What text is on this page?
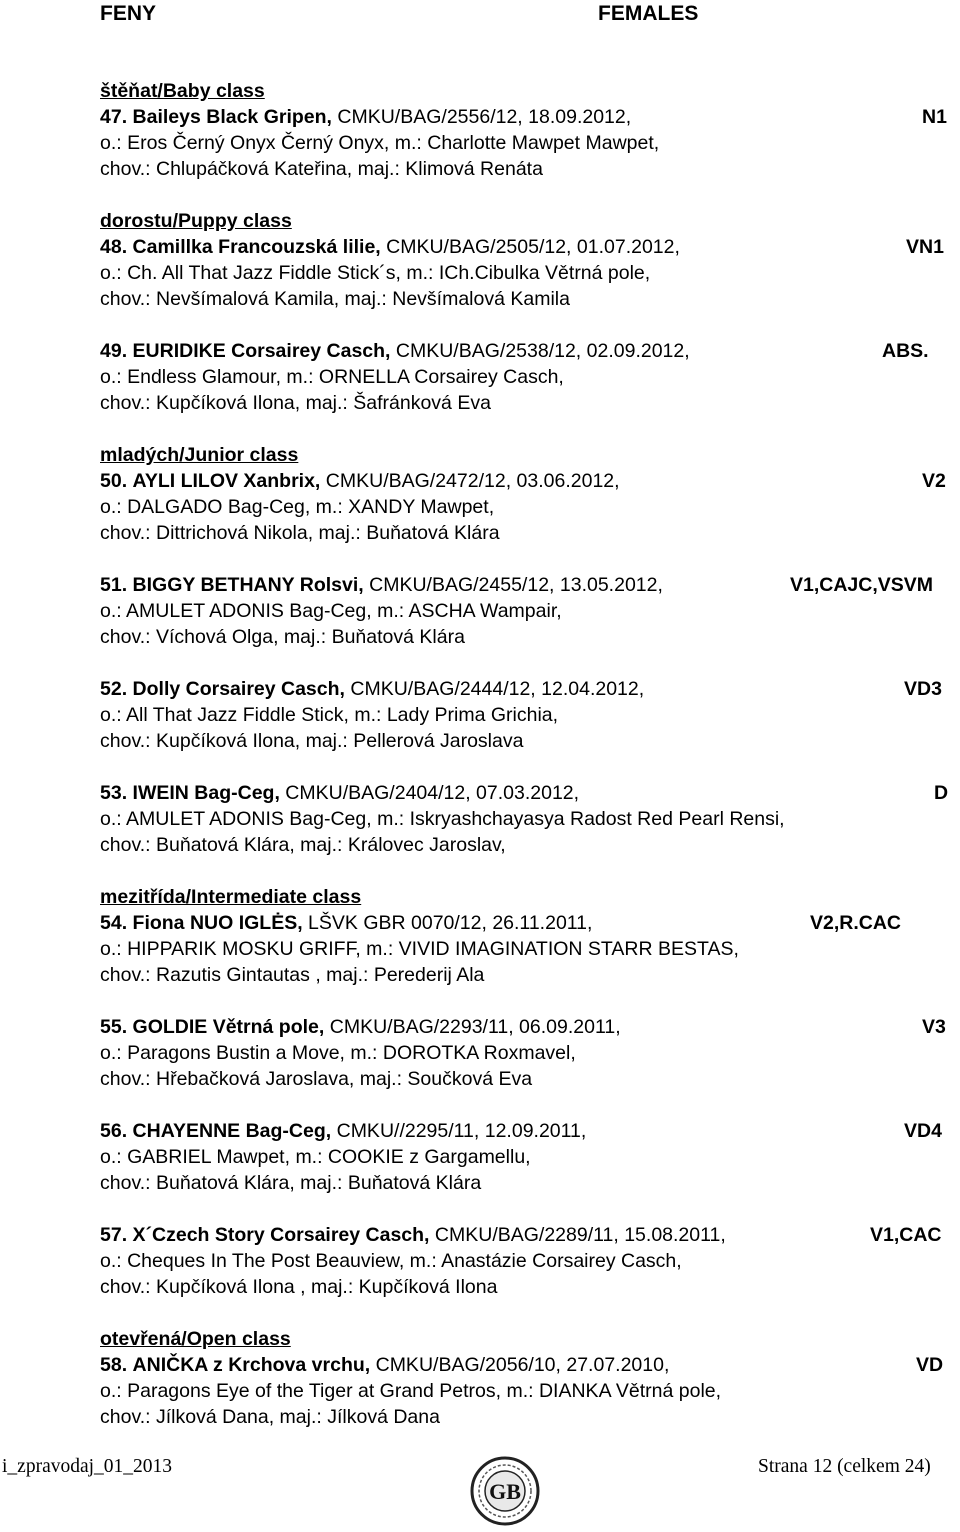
FENY	FEMALES
štěňat/Baby class
47. Baileys Black Gripen, CMKU/BAG/2556/12, 18.09.2012,	N1
o.: Eros Černý Onyx Černý Onyx, m.: Charlotte Mawpet Mawpet,
chov.: Chlupáčková Kateřina, maj.: Klimová Renáta
dorostu/Puppy class
48. Camillka Francouzská lilie, CMKU/BAG/2505/12, 01.07.2012,	VN1
o.: Ch. All That Jazz Fiddle Stick´s, m.: ICh.Cibulka Větrná pole,
chov.: Nevšímalová Kamila, maj.: Nevšímalová Kamila
49. EURIDIKE Corsairey Casch, CMKU/BAG/2538/12, 02.09.2012,	ABS.
o.: Endless Glamour, m.: ORNELLA Corsairey Casch,
chov.: Kupčíková Ilona, maj.: Šafránková Eva
mladých/Junior class
50. AYLI LILOV Xanbrix, CMKU/BAG/2472/12, 03.06.2012,	V2
o.: DALGADO Bag-Ceg, m.: XANDY Mawpet,
chov.: Dittrichová Nikola, maj.: Buňatová Klára
51. BIGGY BETHANY Rolsvi, CMKU/BAG/2455/12, 13.05.2012,	V1,CAJC,VSVM
o.: AMULET ADONIS Bag-Ceg, m.: ASCHA Wampair,
chov.: Víchová Olga, maj.: Buňatová Klára
52. Dolly Corsairey Casch, CMKU/BAG/2444/12, 12.04.2012,	VD3
o.: All That Jazz Fiddle Stick, m.: Lady Prima Grichia,
chov.: Kupčíková Ilona, maj.: Pellerová Jaroslava
53. IWEIN Bag-Ceg, CMKU/BAG/2404/12, 07.03.2012,	D
o.: AMULET ADONIS Bag-Ceg, m.: Iskryashchayasya Radost Red Pearl Rensi,
chov.: Buňatová Klára, maj.: Královec Jaroslav,
mezitřída/Intermediate class
54. Fiona NUO IGLĖS, LŠVK GBR 0070/12, 26.11.2011,	V2,R.CAC
o.: HIPPARIK MOSKU GRIFF, m.: VIVID IMAGINATION STARR BESTAS,
chov.: Razutis Gintautas , maj.: Perederij Ala
55. GOLDIE Větrná pole, CMKU/BAG/2293/11, 06.09.2011,	V3
o.: Paragons Bustin a Move, m.: DOROTKA Roxmavel,
chov.: Hřebačková Jaroslava, maj.: Součková Eva
56. CHAYENNE Bag-Ceg, CMKU//2295/11, 12.09.2011,	VD4
o.: GABRIEL Mawpet, m.: COOKIE z Gargamellu,
chov.: Buňatová Klára, maj.: Buňatová Klára
57. X´Czech Story Corsairey Casch, CMKU/BAG/2289/11, 15.08.2011,	V1,CAC
o.: Cheques In The Post Beauview, m.: Anastázie Corsairey Casch,
chov.: Kupčíková Ilona , maj.: Kupčíková Ilona
otevřená/Open class
58. ANIČKA z Krchova vrchu, CMKU/BAG/2056/10, 27.07.2010,	VD
o.: Paragons Eye of the Tiger at Grand Petros, m.: DIANKA Větrná pole,
chov.: Jílková Dana, maj.: Jílková Dana
i_zpravodaj_01_2013
GB
Strana 12 (celkem 24)
